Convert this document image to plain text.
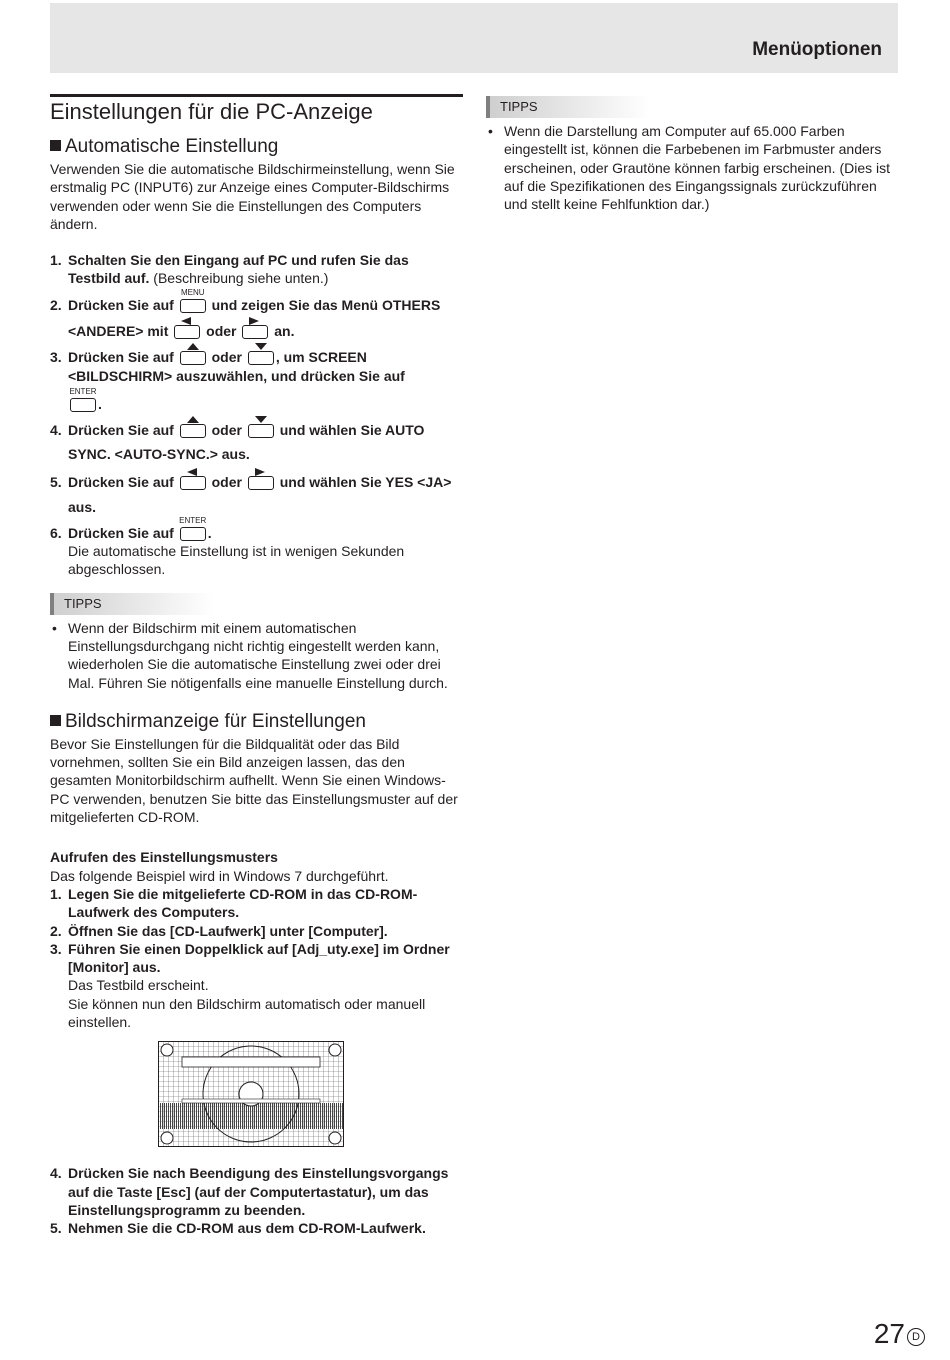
Menüoptionen
Einstellungen für die PC-Anzeige
Automatische Einstellung

Verwenden Sie die automatische Bildschirmeinstellung, wenn Sie erstmalig PC (INPUT6) zur Anzeige eines Computer-Bildschirms verwenden oder wenn Sie die Einstellungen des Computers ändern.

1. Schalten Sie den Eingang auf PC und rufen Sie das Testbild auf. (Beschreibung siehe unten.)
2. Drücken Sie auf
MENU
und zeigen Sie das Menü OTHERS <ANDERE> mit	oder	an.
3. Drücken Sie auf	oder , um SCREEN <BILDSCHIRM> auszuwählen, und drücken Sie auf

ENTER
.
4. Drücken Sie auf	oder	und wählen Sie AUTO SYNC. <AUTO-SYNC.> aus.
5. Drücken Sie auf	oder	und wählen Sie YES <JA> aus.
6. Drücken Sie auf
ENTER
.
Die automatische Einstellung ist in wenigen Sekunden abgeschlossen.
TIPPS
• Wenn der Bildschirm mit einem automatischen Einstellungsdurchgang nicht richtig eingestellt werden kann, wiederholen Sie die automatische Einstellung zwei oder drei Mal. Führen Sie nötigenfalls eine manuelle Einstellung durch.
Bildschirmanzeige für Einstellungen

Bevor Sie Einstellungen für die Bildqualität oder das Bild vornehmen, sollten Sie ein Bild anzeigen lassen, das den gesamten Monitorbildschirm aufhellt. Wenn Sie einen Windows-PC verwenden, benutzen Sie bitte das Einstellungsmuster auf der mitgelieferten CD-ROM.

Aufrufen des Einstellungsmusters

Das folgende Beispiel wird in Windows 7 durchgeführt.

1. Legen Sie die mitgelieferte CD-ROM in das CD-ROM-Laufwerk des Computers.
2. Öffnen Sie das [CD-Laufwerk] unter [Computer].
3. Führen Sie einen Doppelklick auf [Adj_uty.exe] im Ordner [Monitor] aus.
Das Testbild erscheint.
Sie können nun den Bildschirm automatisch oder manuell einstellen.
4. Drücken Sie nach Beendigung des Einstellungsvorgangs auf die Taste [Esc] (auf der Computertastatur), um das Einstellungsprogramm zu beenden.
5. Nehmen Sie die CD-ROM aus dem CD-ROM-Laufwerk.
TIPPS
• Wenn die Darstellung am Computer auf 65.000 Farben eingestellt ist, können die Farbebenen im Farbmuster anders erscheinen, oder Grautöne können farbig erscheinen. (Dies ist auf die Spezifikationen des Eingangssignals zurückzuführen und stellt keine Fehlfunktion dar.)
27 D
